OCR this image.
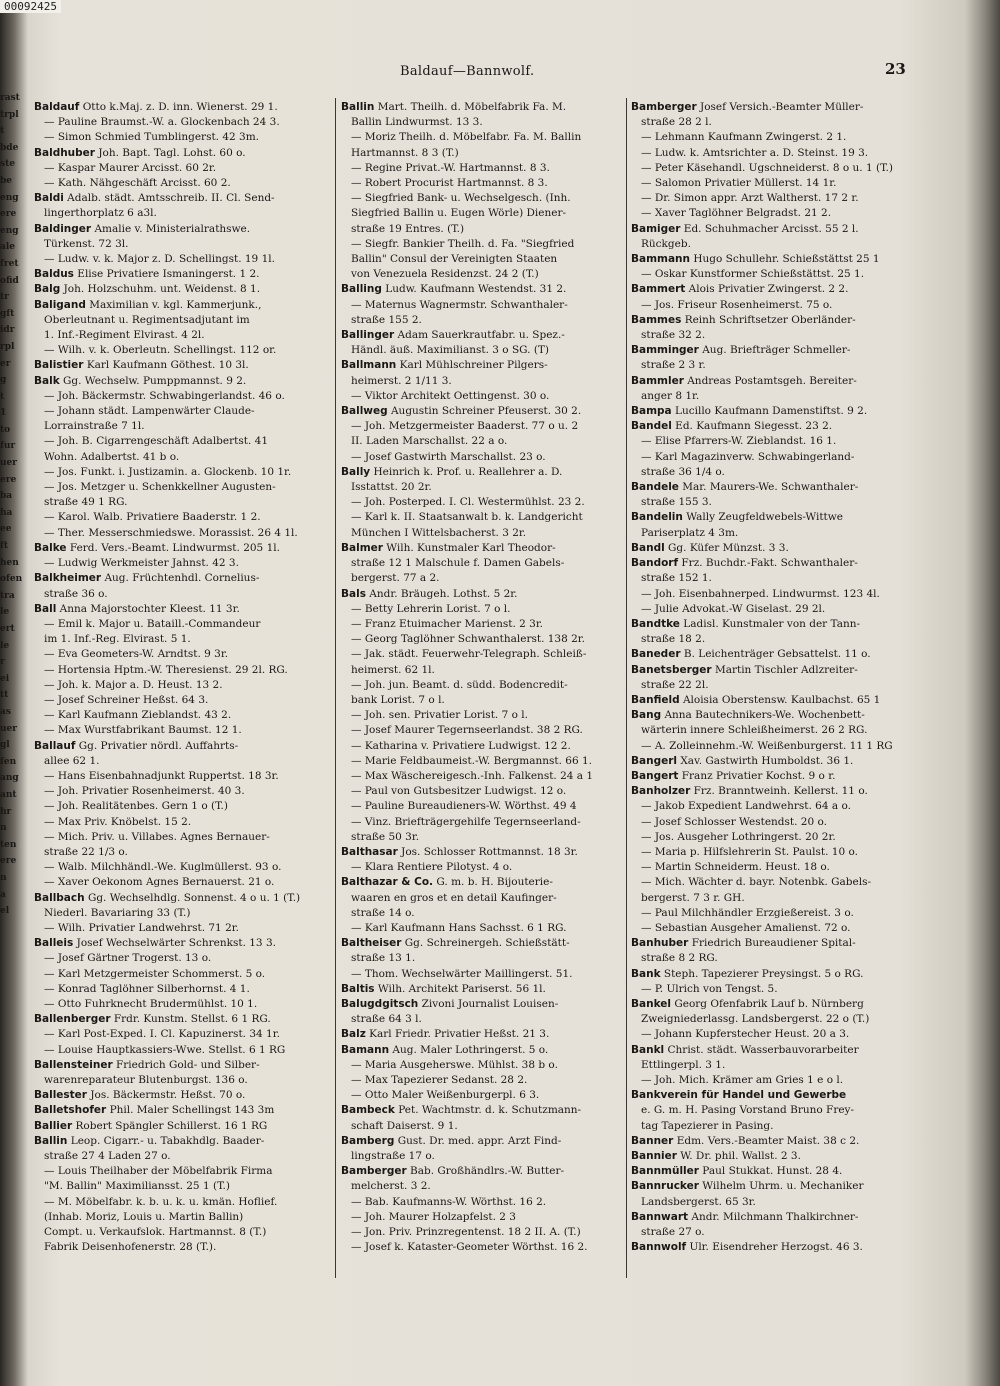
00092425
rast
trpl
t
bde
ste
be
eng
ere
eng
ale
fret
ofid
tr
gft
idr
rpl
er
g
t
1
to
fur
uer
ere
ba
ha
ee
ft
hen
ofen
tra
le
ert
le
r
ei
tt
as
uer
gl
fen
ang
ant
hr
n
ten
ere
n
a
el
Baldauf—Bannwolf.	23
Baldauf Otto k.Maj. z. D. inn. Wienerst. 29 1.
— Pauline Braumst.-W. a. Glockenbach 24 3.
— Simon Schmied Tumblingerst. 42 3m.
Baldhuber Joh. Bapt. Tagl. Lohst. 60 o.
— Kaspar Maurer Arcisst. 60 2r.
— Kath. Nähgeschäft Arcisst. 60 2.
Baldi Adalb. städt. Amtsschreib. II. Cl. Send-
lingerthorplatz 6 a3l.
Baldinger Amalie v. Ministerialrathswe.
Türkenst. 72 3l.
— Ludw. v. k. Major z. D. Schellingst. 19 1l.
Baldus Elise Privatiere Ismaningerst. 1 2.
Balg Joh. Holzschuhm. unt. Weidenst. 8 1.
Baligand Maximilian v. kgl. Kammerjunk.,
Oberleutnant u. Regimentsadjutant im
1. Inf.-Regiment Elvirast. 4 2l.
— Wilh. v. k. Oberleutn. Schellingst. 112 or.
Balistier Karl Kaufmann Göthest. 10 3l.
Balk Gg. Wechselw. Pumppmannst. 9 2.
— Joh. Bäckermstr. Schwabingerlandst. 46 o.
— Johann städt. Lampenwärter Claude-
Lorrainstraße 7 1l.
— Joh. B. Cigarrengeschäft Adalbertst. 41
Wohn. Adalbertst. 41 b o.
— Jos. Funkt. i. Justizamin. a. Glockenb. 10 1r.
— Jos. Metzger u. Schenkkellner Augusten-
straße 49 1 RG.
— Karol. Walb. Privatiere Baaderstr. 1 2.
— Ther. Messerschmiedswe. Morassist. 26 4 1l.
Balke Ferd. Vers.-Beamt. Lindwurmst. 205 1l.
— Ludwig Werkmeister Jahnst. 42 3.
Balkheimer Aug. Früchtenhdl. Cornelius-
straße 36 o.
Ball Anna Majorstochter Kleest. 11 3r.
— Emil k. Major u. Bataill.-Commandeur
im 1. Inf.-Reg. Elvirast. 5 1.
— Eva Geometers-W. Arndtst. 9 3r.
— Hortensia Hptm.-W. Theresienst. 29 2l. RG.
— Joh. k. Major a. D. Heust. 13 2.
— Josef Schreiner Heßst. 64 3.
— Karl Kaufmann Zieblandst. 43 2.
— Max Wurstfabrikant Baumst. 12 1.
Ballauf Gg. Privatier nördl. Auffahrts-
allee 62 1.
— Hans Eisenbahnadjunkt Ruppertst. 18 3r.
— Joh. Privatier Rosenheimerst. 40 3.
— Joh. Realitätenbes. Gern 1 o (T.)
— Max Priv. Knöbelst. 15 2.
— Mich. Priv. u. Villabes. Agnes Bernauer-
straße 22 1/3 o.
— Walb. Milchhändl.-We. Kuglmüllerst. 93 o.
— Xaver Oekonom Agnes Bernauerst. 21 o.
Ballbach Gg. Wechselhdlg. Sonnenst. 4 o u. 1 (T.)
Niederl. Bavariaring 33 (T.)
— Wilh. Privatier Landwehrst. 71 2r.
Balleis Josef Wechselwärter Schrenkst. 13 3.
— Josef Gärtner Trogerst. 13 o.
— Karl Metzgermeister Schommerst. 5 o.
— Konrad Taglöhner Silberhornst. 4 1.
— Otto Fuhrknecht Brudermühlst. 10 1.
Ballenberger Frdr. Kunstm. Stellst. 6 1 RG.
— Karl Post-Exped. I. Cl. Kapuzinerst. 34 1r.
— Louise Hauptkassiers-Wwe. Stellst. 6 1 RG
Ballensteiner Friedrich Gold- und Silber-
warenreparateur Blutenburgst. 136 o.
Ballester Jos. Bäckermstr. Heßst. 70 o.
Balletshofer Phil. Maler Schellingst 143 3m
Ballier Robert Spängler Schillerst. 16 1 RG
Ballin Leop. Cigarr.- u. Tabakhdlg. Baader-
straße 27 4 Laden 27 o.
— Louis Theilhaber der Möbelfabrik Firma
"M. Ballin" Maximiliansst. 25 1 (T.)
— M. Möbelfabr. k. b. u. k. u. kmän. Hoflief.
(Inhab. Moriz, Louis u. Martin Ballin)
Compt. u. Verkaufslok. Hartmannst. 8 (T.)
Fabrik Deisenhofenerstr. 28 (T.).
Ballin Mart. Theilh. d. Möbelfabrik Fa. M.
Ballin Lindwurmst. 13 3.
— Moriz Theilh. d. Möbelfabr. Fa. M. Ballin
Hartmannst. 8 3 (T.)
— Regine Privat.-W. Hartmannst. 8 3.
— Robert Procurist Hartmannst. 8 3.
— Siegfried Bank- u. Wechselgesch. (Inh.
Siegfried Ballin u. Eugen Wörle) Diener-
straße 19 Entres. (T.)
— Siegfr. Bankier Theilh. d. Fa. "Siegfried
Ballin" Consul der Vereinigten Staaten
von Venezuela Residenzst. 24 2 (T.)
Balling Ludw. Kaufmann Westendst. 31 2.
— Maternus Wagnermstr. Schwanthaler-
straße 155 2.
Ballinger Adam Sauerkrautfabr. u. Spez.-
Händl. äuß. Maximilianst. 3 o SG. (T)
Ballmann Karl Mühlschreiner Pilgers-
heimerst. 2 1/11 3.
— Viktor Architekt Oettingenst. 30 o.
Ballweg Augustin Schreiner Pfeuserst. 30 2.
— Joh. Metzgermeister Baaderst. 77 o u. 2
II. Laden Marschallst. 22 a o.
— Josef Gastwirth Marschallst. 23 o.
Bally Heinrich k. Prof. u. Reallehrer a. D.
Isstattst. 20 2r.
— Joh. Posterped. I. Cl. Westermühlst. 23 2.
— Karl k. II. Staatsanwalt b. k. Landgericht
München I Wittelsbacherst. 3 2r.
Balmer Wilh. Kunstmaler Karl Theodor-
straße 12 1 Malschule f. Damen Gabels-
bergerst. 77 a 2.
Bals Andr. Bräugeh. Lothst. 5 2r.
— Betty Lehrerin Lorist. 7 o l.
— Franz Etuimacher Marienst. 2 3r.
— Georg Taglöhner Schwanthalerst. 138 2r.
— Jak. städt. Feuerwehr-Telegraph. Schleiß-
heimerst. 62 1l.
— Joh. jun. Beamt. d. südd. Bodencredit-
bank Lorist. 7 o l.
— Joh. sen. Privatier Lorist. 7 o l.
— Josef Maurer Tegernseerlandst. 38 2 RG.
— Katharina v. Privatiere Ludwigst. 12 2.
— Marie Feldbaumeist.-W. Bergmannst. 66 1.
— Max Wäschereigesch.-Inh. Falkenst. 24 a 1
— Paul von Gutsbesitzer Ludwigst. 12 o.
— Pauline Bureaudieners-W. Wörthst. 49 4
— Vinz. Briefträgergehilfe Tegernseerland-
straße 50 3r.
Balthasar Jos. Schlosser Rottmannst. 18 3r.
— Klara Rentiere Pilotyst. 4 o.
Balthazar & Co. G. m. b. H. Bijouterie-
waaren en gros et en detail Kaufinger-
straße 14 o.
— Karl Kaufmann Hans Sachsst. 6 1 RG.
Baltheiser Gg. Schreinergeh. Schießstätt-
straße 13 1.
— Thom. Wechselwärter Maillingerst. 51.
Baltis Wilh. Architekt Pariserst. 56 1l.
Balugdgitsch Zivoni Journalist Louisen-
straße 64 3 l.
Balz Karl Friedr. Privatier Heßst. 21 3.
Bamann Aug. Maler Lothringerst. 5 o.
— Maria Ausgeherswe. Mühlst. 38 b o.
— Max Tapezierer Sedanst. 28 2.
— Otto Maler Weißenburgerpl. 6 3.
Bambeck Pet. Wachtmstr. d. k. Schutzmann-
schaft Daiserst. 9 1.
Bamberg Gust. Dr. med. appr. Arzt Find-
lingstraße 17 o.
Bamberger Bab. Großhändlrs.-W. Butter-
melcherst. 3 2.
— Bab. Kaufmanns-W. Wörthst. 16 2.
— Joh. Maurer Holzapfelst. 2 3
— Jon. Priv. Prinzregentenst. 18 2 II. A. (T.)
— Josef k. Kataster-Geometer Wörthst. 16 2.
Bamberger Josef Versich.-Beamter Müller-
straße 28 2 l.
— Lehmann Kaufmann Zwingerst. 2 1.
— Ludw. k. Amtsrichter a. D. Steinst. 19 3.
— Peter Käsehandl. Ugschneiderst. 8 o u. 1 (T.)
— Salomon Privatier Müllerst. 14 1r.
— Dr. Simon appr. Arzt Waltherst. 17 2 r.
— Xaver Taglöhner Belgradst. 21 2.
Bamiger Ed. Schuhmacher Arcisst. 55 2 l.
Rückgeb.
Bammann Hugo Schullehr. Schießstättst 25 1
— Oskar Kunstformer Schießstättst. 25 1.
Bammert Alois Privatier Zwingerst. 2 2.
— Jos. Friseur Rosenheimerst. 75 o.
Bammes Reinh Schriftsetzer Oberländer-
straße 32 2.
Bamminger Aug. Briefträger Schmeller-
straße 2 3 r.
Bammler Andreas Postamtsgeh. Bereiter-
anger 8 1r.
Bampa Lucillo Kaufmann Damenstiftst. 9 2.
Bandel Ed. Kaufmann Siegesst. 23 2.
— Elise Pfarrers-W. Zieblandst. 16 1.
— Karl Magazinverw. Schwabingerland-
straße 36 1/4 o.
Bandele Mar. Maurers-We. Schwanthaler-
straße 155 3.
Bandelin Wally Zeugfeldwebels-Wittwe
Pariserplatz 4 3m.
Bandl Gg. Küfer Münzst. 3 3.
Bandorf Frz. Buchdr.-Fakt. Schwanthaler-
straße 152 1.
— Joh. Eisenbahnerped. Lindwurmst. 123 4l.
— Julie Advokat.-W Giselast. 29 2l.
Bandtke Ladisl. Kunstmaler von der Tann-
straße 18 2.
Baneder B. Leichenträger Gebsattelst. 11 o.
Banetsberger Martin Tischler Adlzreiter-
straße 22 2l.
Banfield Aloisia Oberstensw. Kaulbachst. 65 1
Bang Anna Bautechnikers-We. Wochenbett-
wärterin innere Schleißheimerst. 26 2 RG.
— A. Zolleinnehm.-W. Weißenburgerst. 11 1 RG
Bangerl Xav. Gastwirth Humboldst. 36 1.
Bangert Franz Privatier Kochst. 9 o r.
Banholzer Frz. Branntweinh. Kellerst. 11 o.
— Jakob Expedient Landwehrst. 64 a o.
— Josef Schlosser Westendst. 20 o.
— Jos. Ausgeher Lothringerst. 20 2r.
— Maria p. Hilfslehrerin St. Paulst. 10 o.
— Martin Schneiderm. Heust. 18 o.
— Mich. Wächter d. bayr. Notenbk. Gabels-
bergerst. 7 3 r. GH.
— Paul Milchhändler Erzgießereist. 3 o.
— Sebastian Ausgeher Amalienst. 72 o.
Banhuber Friedrich Bureaudiener Spital-
straße 8 2 RG.
Bank Steph. Tapezierer Preysingst. 5 o RG.
— P. Ulrich von Tengst. 5.
Bankel Georg Ofenfabrik Lauf b. Nürnberg
Zweigniederlassg. Landsbergerst. 22 o (T.)
— Johann Kupferstecher Heust. 20 a 3.
Bankl Christ. städt. Wasserbauvorarbeiter
Ettlingerpl. 3 1.
— Joh. Mich. Krämer am Gries 1 e o l.
Bankverein für Handel und Gewerbe
e. G. m. H. Pasing Vorstand Bruno Frey-
tag Tapezierer in Pasing.
Banner Edm. Vers.-Beamter Maist. 38 c 2.
Bannier W. Dr. phil. Wallst. 2 3.
Bannmüller Paul Stukkat. Hunst. 28 4.
Bannrucker Wilhelm Uhrm. u. Mechaniker
Landsbergerst. 65 3r.
Bannwart Andr. Milchmann Thalkirchner-
straße 27 o.
Bannwolf Ulr. Eisendreher Herzogst. 46 3.
